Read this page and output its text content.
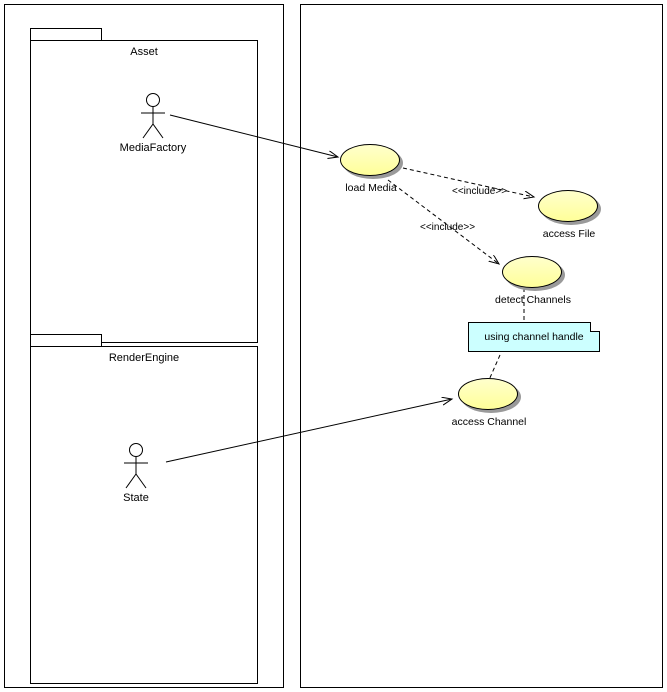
Asset
RenderEngine
MediaFactory
State
load Media
access File
detect Channels
access Channel
using channel handle
<<include>>
<<include>>
